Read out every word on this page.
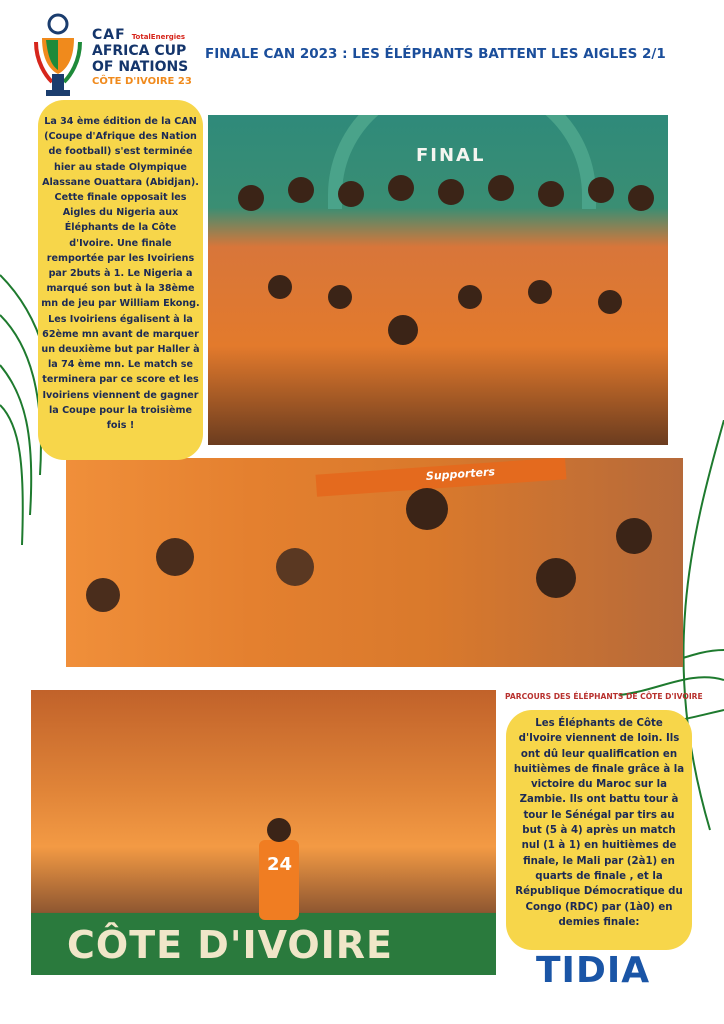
CAF TotalEnergies
AFRICA CUP
OF NATIONS
CÔTE D'IVOIRE 23
FINALE CAN 2023 : LES ÉLÉPHANTS BATTENT LES AIGLES 2/1
FINAL
Supporters
CÔTE D'IVOIRE
24
La 34 ème édition de la CAN (Coupe d'Afrique des Nation de football) s'est terminée hier au stade Olympique Alassane Ouattara (Abidjan). Cette finale opposait les Aigles du Nigeria aux Éléphants de la Côte d'Ivoire. Une finale remportée par les Ivoiriens par 2buts à 1. Le Nigeria a marqué son but à la 38ème mn de jeu par William Ekong. Les Ivoiriens égalisent à la 62ème mn avant de marquer un deuxième but par Haller à la 74 ème mn. Le match se terminera par ce score et les Ivoiriens viennent de gagner la Coupe pour la troisième fois !
PARCOURS DES ÉLÉPHANTS DE CÔTE D'IVOIRE
Les Éléphants de Côte d'Ivoire viennent de loin. Ils ont dû leur qualification en huitièmes de finale grâce à la victoire du Maroc sur la Zambie. Ils ont battu tour à tour le Sénégal par tirs au but (5 à 4) après un match nul (1 à 1) en huitièmes de finale, le Mali par (2à1) en quarts de finale , et la République Démocratique du Congo (RDC) par (1à0) en demies finale:
TIDIA
